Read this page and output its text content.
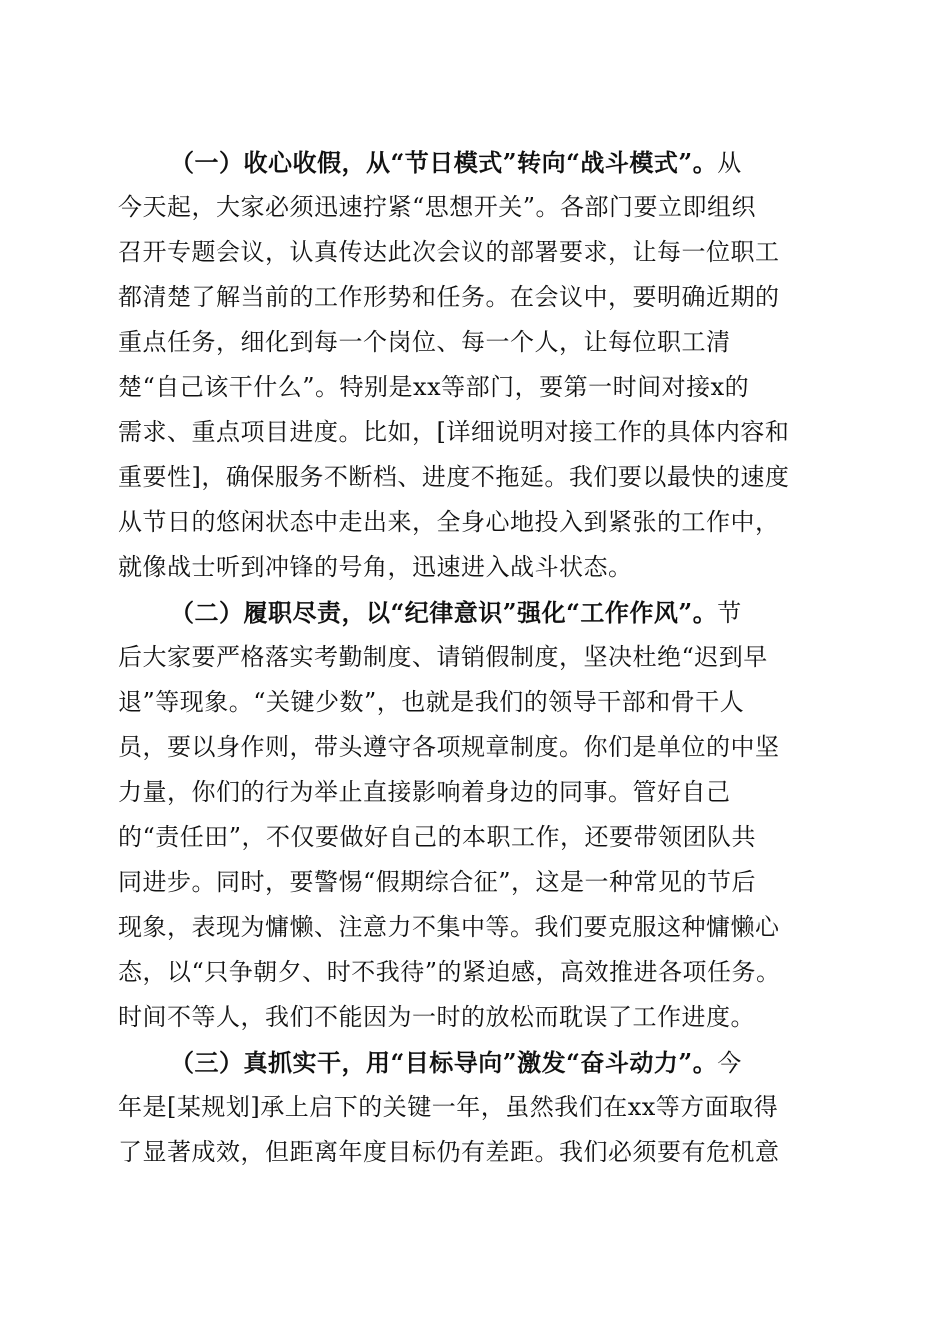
（一）收心收假，从“节日模式”转向“战斗模式”。从
今天起，大家必须迅速拧紧“思想开关”。各部门要立即组织
召开专题会议，认真传达此次会议的部署要求，让每一位职工
都清楚了解当前的工作形势和任务。在会议中，要明确近期的
重点任务，细化到每一个岗位、每一个人，让每位职工清
楚“自己该干什么”。特别是xx等部门，要第一时间对接x的
需求、重点项目进度。比如，[详细说明对接工作的具体内容和
重要性]，确保服务不断档、进度不拖延。我们要以最快的速度
从节日的悠闲状态中走出来，全身心地投入到紧张的工作中，
就像战士听到冲锋的号角，迅速进入战斗状态。
（二）履职尽责，以“纪律意识”强化“工作作风”。节
后大家要严格落实考勤制度、请销假制度，坚决杜绝“迟到早
退”等现象。“关键少数”，也就是我们的领导干部和骨干人
员，要以身作则，带头遵守各项规章制度。你们是单位的中坚
力量，你们的行为举止直接影响着身边的同事。管好自己
的“责任田”，不仅要做好自己的本职工作，还要带领团队共
同进步。同时，要警惕“假期综合征”，这是一种常见的节后
现象，表现为慵懒、注意力不集中等。我们要克服这种慵懒心
态，以“只争朝夕、时不我待”的紧迫感，高效推进各项任务。
时间不等人，我们不能因为一时的放松而耽误了工作进度。
（三）真抓实干，用“目标导向”激发“奋斗动力”。今
年是[某规划]承上启下的关键一年，虽然我们在xx等方面取得
了显著成效，但距离年度目标仍有差距。我们必须要有危机意
